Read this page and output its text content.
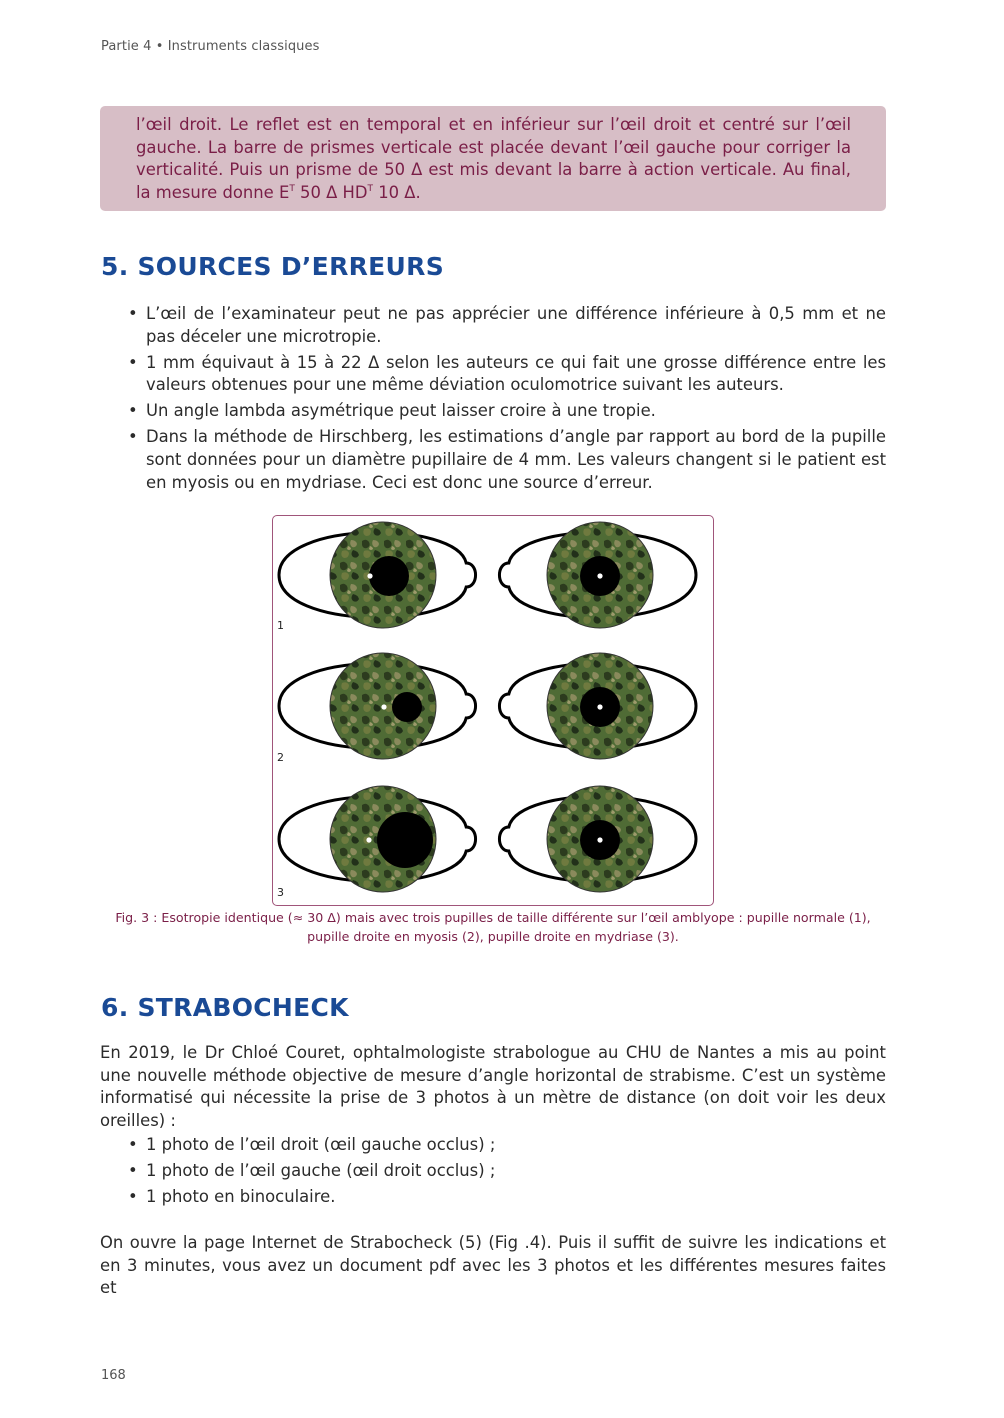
Partie 4 • Instruments classiques
l’œil droit. Le reflet est en temporal et en inférieur sur l’œil droit et centré sur l’œil gauche. La barre de prismes verticale est placée devant l’œil gauche pour corriger la verticalité. Puis un prisme de 50 Δ est mis devant la barre à action verticale. Au final, la mesure donne $E^T$ 50 Δ $HD^T$ 10 Δ.
5. SOURCES D’ERREURS
• L’œil de l’examinateur peut ne pas apprécier une différence inférieure à 0,5 mm et ne pas déceler une microtropie.
• 1 mm équivaut à 15 à 22 Δ selon les auteurs ce qui fait une grosse différence entre les valeurs obtenues pour une même déviation oculomotrice suivant les auteurs.
• Un angle lambda asymétrique peut laisser croire à une tropie.
• Dans la méthode de Hirschberg, les estimations d’angle par rapport au bord de la pupille sont données pour un diamètre pupillaire de 4 mm. Les valeurs changent si le patient est en myosis ou en mydriase. Ceci est donc une source d’erreur.
1
2
3
Fig. 3 : Esotropie identique (≈ 30 Δ) mais avec trois pupilles de taille différente sur l’œil amblyope : pupille normale (1),
pupille droite en myosis (2), pupille droite en mydriase (3).
6. STRABOCHECK

En 2019, le Dr Chloé Couret, ophtalmologiste strabologue au CHU de Nantes a mis au point une nouvelle méthode objective de mesure d’angle horizontal de strabisme. C’est un système informatisé qui nécessite la prise de 3 photos à un mètre de distance (on doit voir les deux oreilles) :

• 1 photo de l’œil droit (œil gauche occlus) ;
• 1 photo de l’œil gauche (œil droit occlus) ;
• 1 photo en binoculaire.

On ouvre la page Internet de Strabocheck (5) (Fig .4). Puis il suffit de suivre les indications et en 3 minutes, vous avez un document pdf avec les 3 photos et les différentes mesures faites et

168
